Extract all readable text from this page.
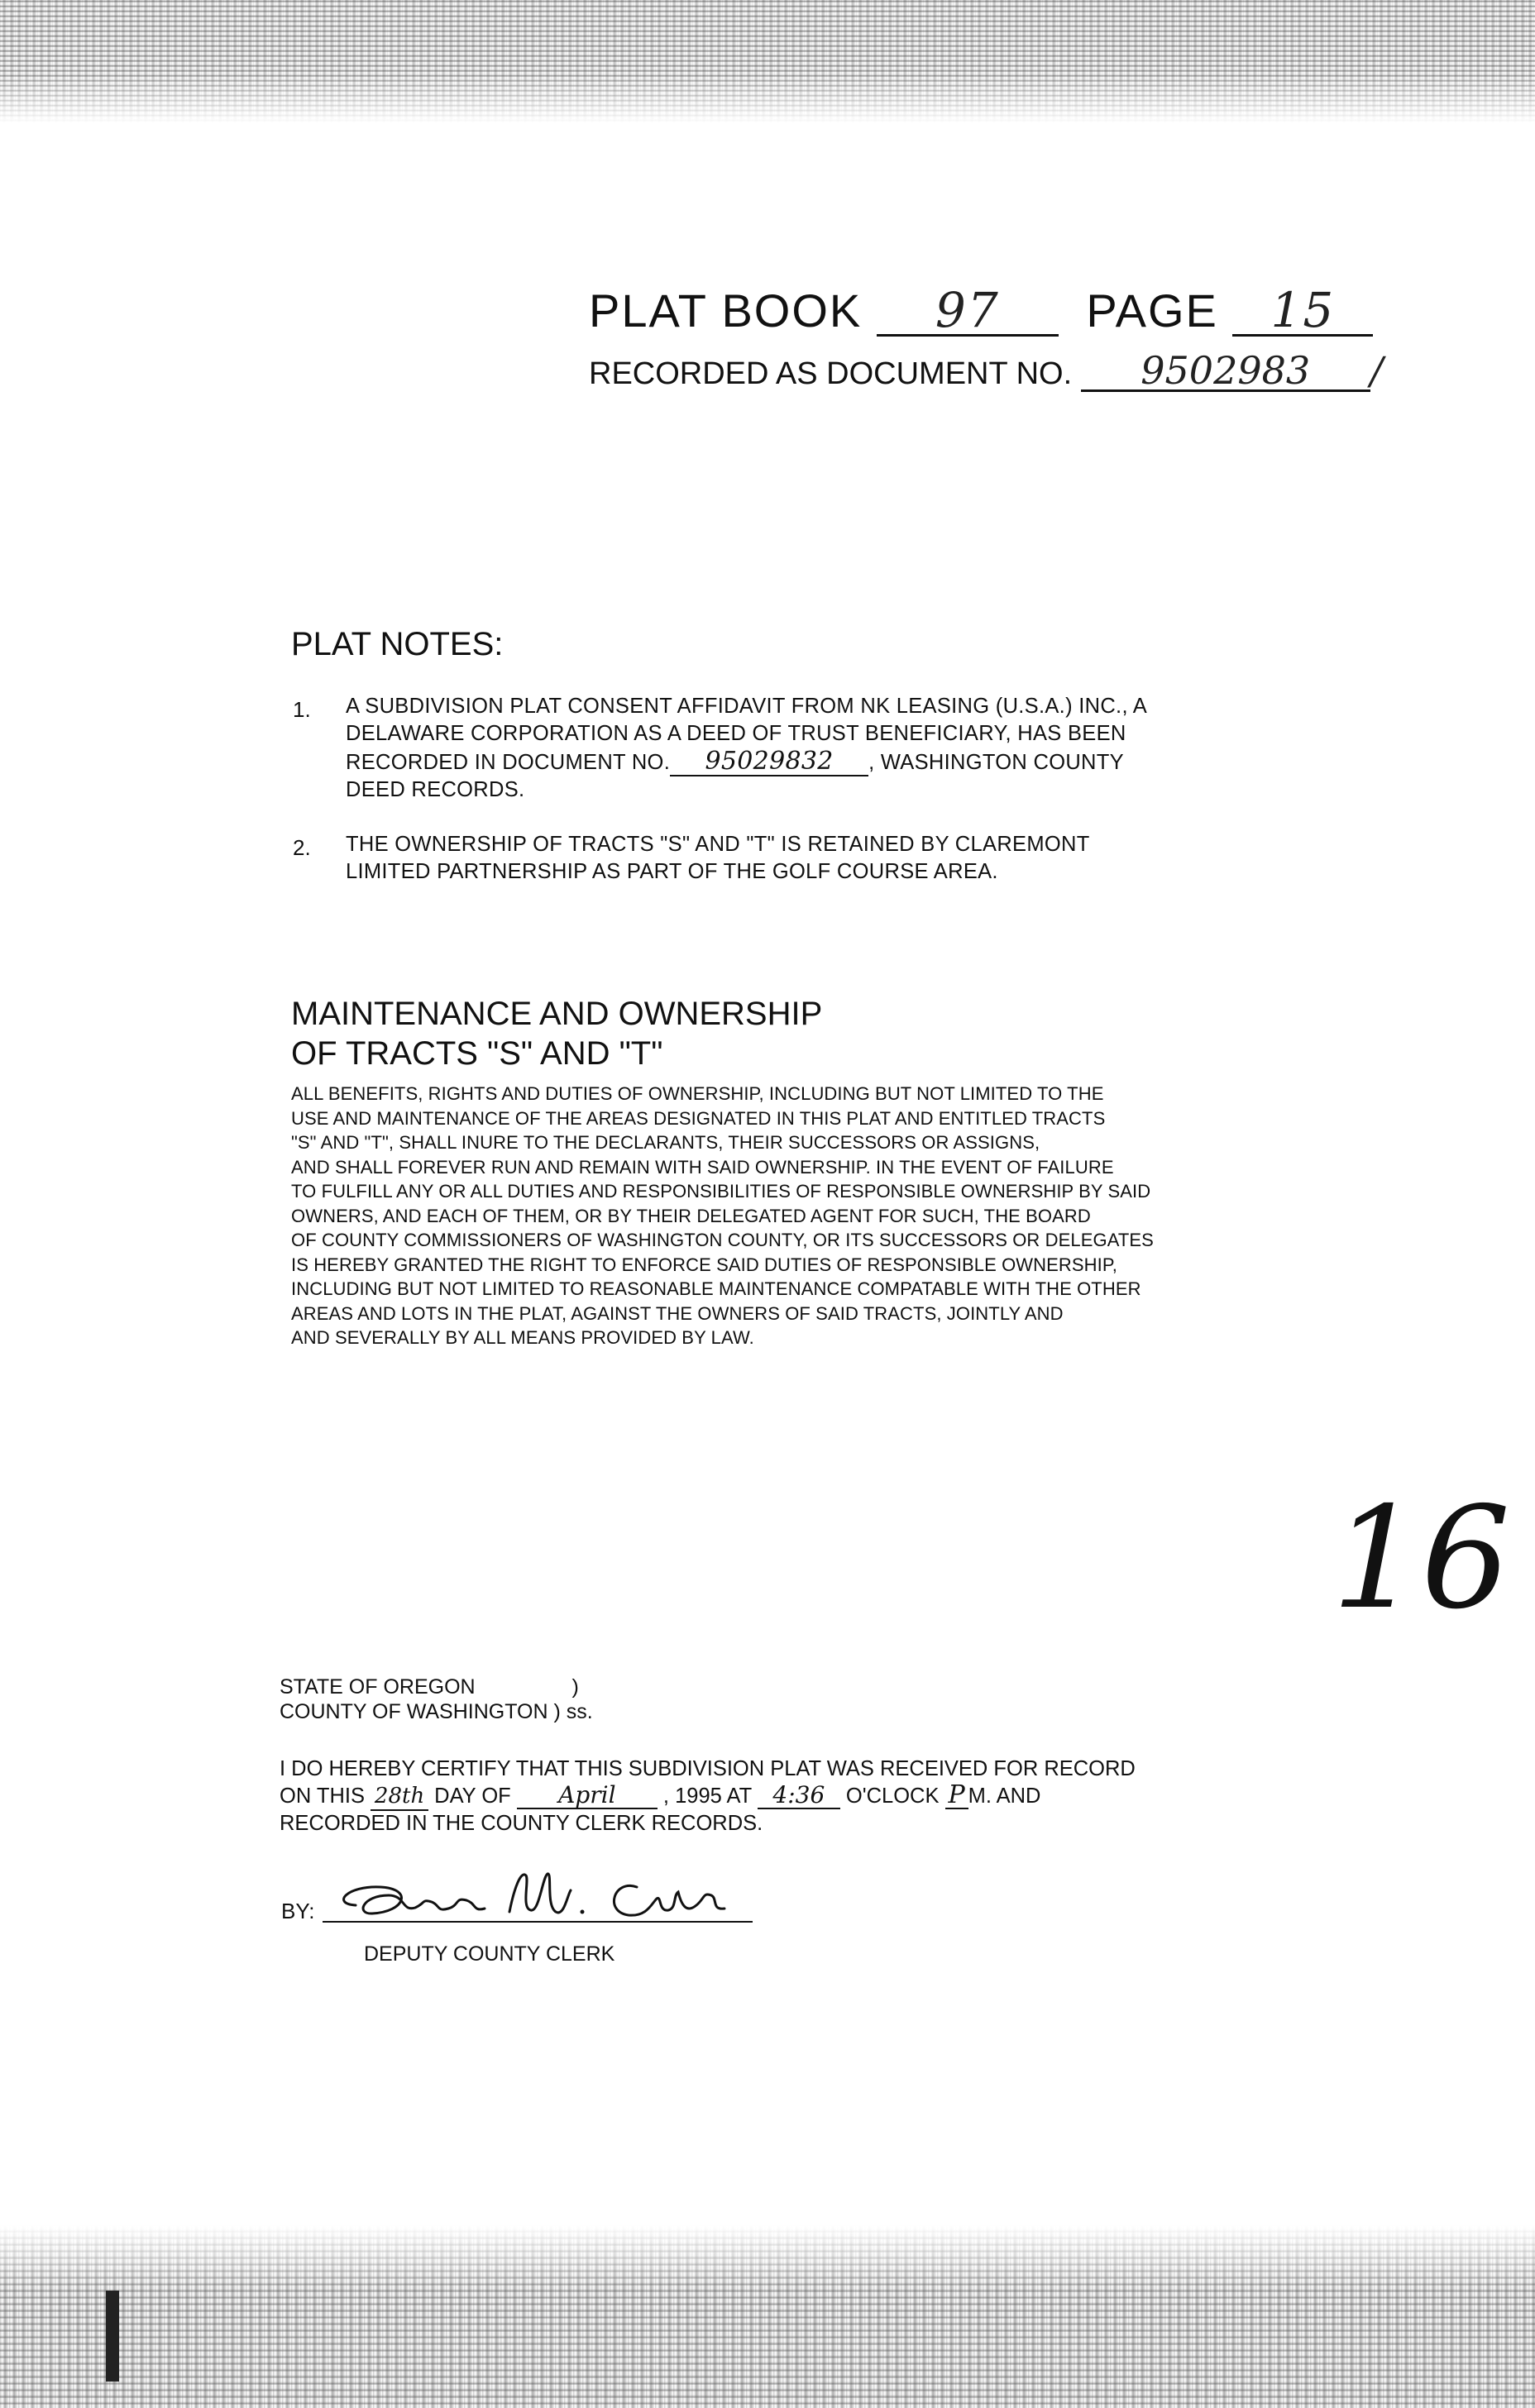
PLAT BOOK 97 PAGE 15
RECORDED AS DOCUMENT NO. 9502983 /
PLAT NOTES:
1. A SUBDIVISION PLAT CONSENT AFFIDAVIT FROM NK LEASING (U.S.A.) INC., A
DELAWARE CORPORATION AS A DEED OF TRUST BENEFICIARY, HAS BEEN
RECORDED IN DOCUMENT NO. 95029832 , WASHINGTON COUNTY
DEED RECORDS.
2. THE OWNERSHIP OF TRACTS "S" AND "T" IS RETAINED BY CLAREMONT
LIMITED PARTNERSHIP AS PART OF THE GOLF COURSE AREA.
MAINTENANCE AND OWNERSHIP
OF TRACTS "S" AND "T"
ALL BENEFITS, RIGHTS AND DUTIES OF OWNERSHIP, INCLUDING BUT NOT LIMITED TO THE
USE AND MAINTENANCE OF THE AREAS DESIGNATED IN THIS PLAT AND ENTITLED TRACTS
"S" AND "T", SHALL INURE TO THE DECLARANTS, THEIR SUCCESSORS OR ASSIGNS,
AND SHALL FOREVER RUN AND REMAIN WITH SAID OWNERSHIP. IN THE EVENT OF FAILURE
TO FULFILL ANY OR ALL DUTIES AND RESPONSIBILITIES OF RESPONSIBLE OWNERSHIP BY SAID
OWNERS, AND EACH OF THEM, OR BY THEIR DELEGATED AGENT FOR SUCH, THE BOARD
OF COUNTY COMMISSIONERS OF WASHINGTON COUNTY, OR ITS SUCCESSORS OR DELEGATES
IS HEREBY GRANTED THE RIGHT TO ENFORCE SAID DUTIES OF RESPONSIBLE OWNERSHIP,
INCLUDING BUT NOT LIMITED TO REASONABLE MAINTENANCE COMPATABLE WITH THE OTHER
AREAS AND LOTS IN THE PLAT, AGAINST THE OWNERS OF SAID TRACTS, JOINTLY AND
AND SEVERALLY BY ALL MEANS PROVIDED BY LAW.
16
STATE OF OREGON	)
COUNTY OF WASHINGTON ) ss.
I DO HEREBY CERTIFY THAT THIS SUBDIVISION PLAT WAS RECEIVED FOR RECORD
ON THIS 28th DAY OF April , 1995 AT 4:36 O'CLOCK P M. AND
RECORDED IN THE COUNTY CLERK RECORDS.
BY:
DEPUTY COUNTY CLERK
